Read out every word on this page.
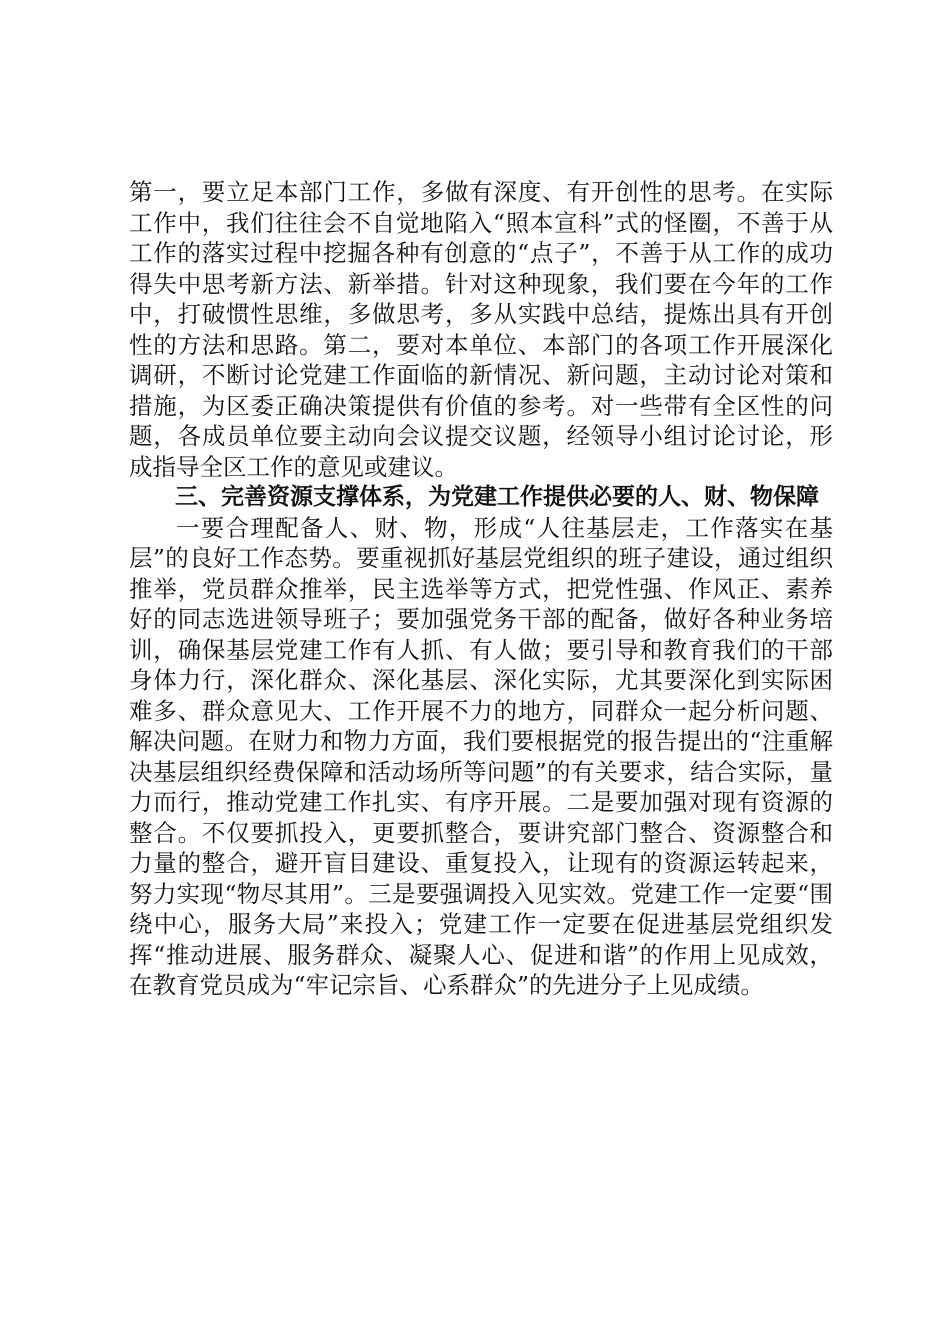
第一，要立足本部门工作，多做有深度、有开创性的思考。在实际工作中，我们往往会不自觉地陷入“照本宣科”式的怪圈，不善于从工作的落实过程中挖掘各种有创意的“点子”，不善于从工作的成功得失中思考新方法、新举措。针对这种现象，我们要在今年的工作中，打破惯性思维，多做思考，多从实践中总结，提炼出具有开创性的方法和思路。第二，要对本单位、本部门的各项工作开展深化调研，不断讨论党建工作面临的新情况、新问题，主动讨论对策和措施，为区委正确决策提供有价值的参考。对一些带有全区性的问题，各成员单位要主动向会议提交议题，经领导小组讨论讨论，形成指导全区工作的意见或建议。

三、完善资源支撑体系，为党建工作提供必要的人、财、物保障

一要合理配备人、财、物，形成“人往基层走，工作落实在基层”的良好工作态势。要重视抓好基层党组织的班子建设，通过组织推举，党员群众推举，民主选举等方式，把党性强、作风正、素养好的同志选进领导班子；要加强党务干部的配备，做好各种业务培训，确保基层党建工作有人抓、有人做；要引导和教育我们的干部身体力行，深化群众、深化基层、深化实际，尤其要深化到实际困难多、群众意见大、工作开展不力的地方，同群众一起分析问题、解决问题。在财力和物力方面，我们要根据党的报告提出的“注重解决基层组织经费保障和活动场所等问题”的有关要求，结合实际，量力而行，推动党建工作扎实、有序开展。二是要加强对现有资源的整合。不仅要抓投入，更要抓整合，要讲究部门整合、资源整合和力量的整合，避开盲目建设、重复投入，让现有的资源运转起来，努力实现“物尽其用”。三是要强调投入见实效。党建工作一定要“围绕中心，服务大局”来投入；党建工作一定要在促进基层党组织发挥“推动进展、服务群众、凝聚人心、促进和谐”的作用上见成效，在教育党员成为“牢记宗旨、心系群众”的先进分子上见成绩。
